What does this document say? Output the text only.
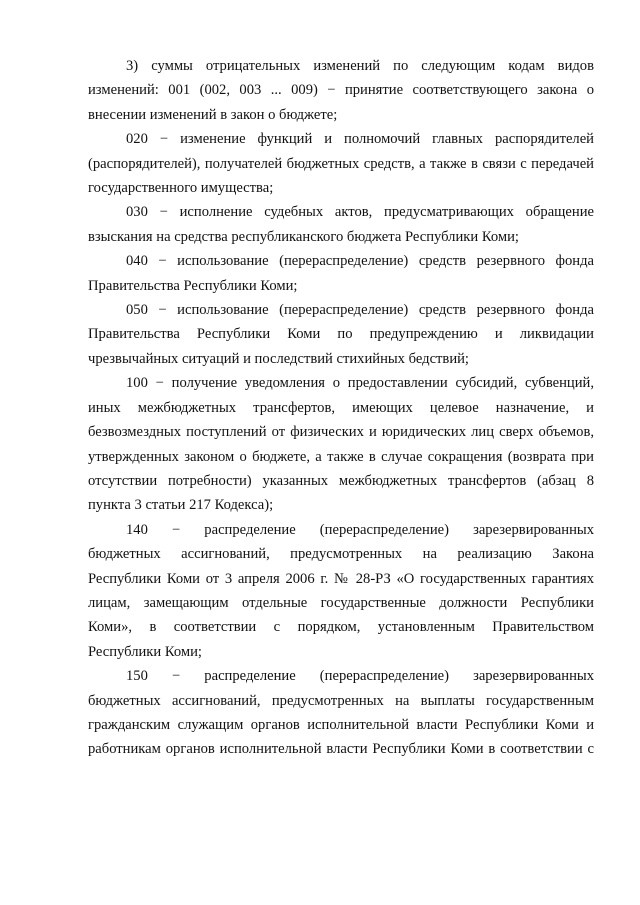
3) суммы отрицательных изменений по следующим кодам видов
изменений: 001 (002, 003 ... 009) − принятие соответствующего закона о
внесении изменений в закон о бюджете;
020 − изменение функций и полномочий главных распорядителей
(распорядителей), получателей бюджетных средств, а также в связи с передачей
государственного имущества;
030 − исполнение судебных актов, предусматривающих обращение
взыскания на средства республиканского бюджета Республики Коми;
040 − использование (перераспределение) средств резервного фонда
Правительства Республики Коми;
050 − использование (перераспределение) средств резервного фонда
Правительства Республики Коми по предупреждению и ликвидации
чрезвычайных ситуаций и последствий стихийных бедствий;
100 − получение уведомления о предоставлении субсидий, субвенций,
иных межбюджетных трансфертов, имеющих целевое назначение, и
безвозмездных поступлений от физических и юридических лиц сверх объемов,
утвержденных законом о бюджете, а также в случае сокращения (возврата при
отсутствии потребности) указанных межбюджетных трансфертов (абзац 8
пункта 3 статьи 217 Кодекса);
140 − распределение (перераспределение) зарезервированных
бюджетных ассигнований, предусмотренных на реализацию Закона
Республики Коми от 3 апреля 2006 г. № 28-РЗ «О государственных гарантиях
лицам, замещающим отдельные государственные должности Республики
Коми», в соответствии с порядком, установленным Правительством
Республики Коми;
150 − распределение (перераспределение) зарезервированных
бюджетных ассигнований, предусмотренных на выплаты государственным
гражданским служащим органов исполнительной власти Республики Коми и
работникам органов исполнительной власти Республики Коми в соответствии с
